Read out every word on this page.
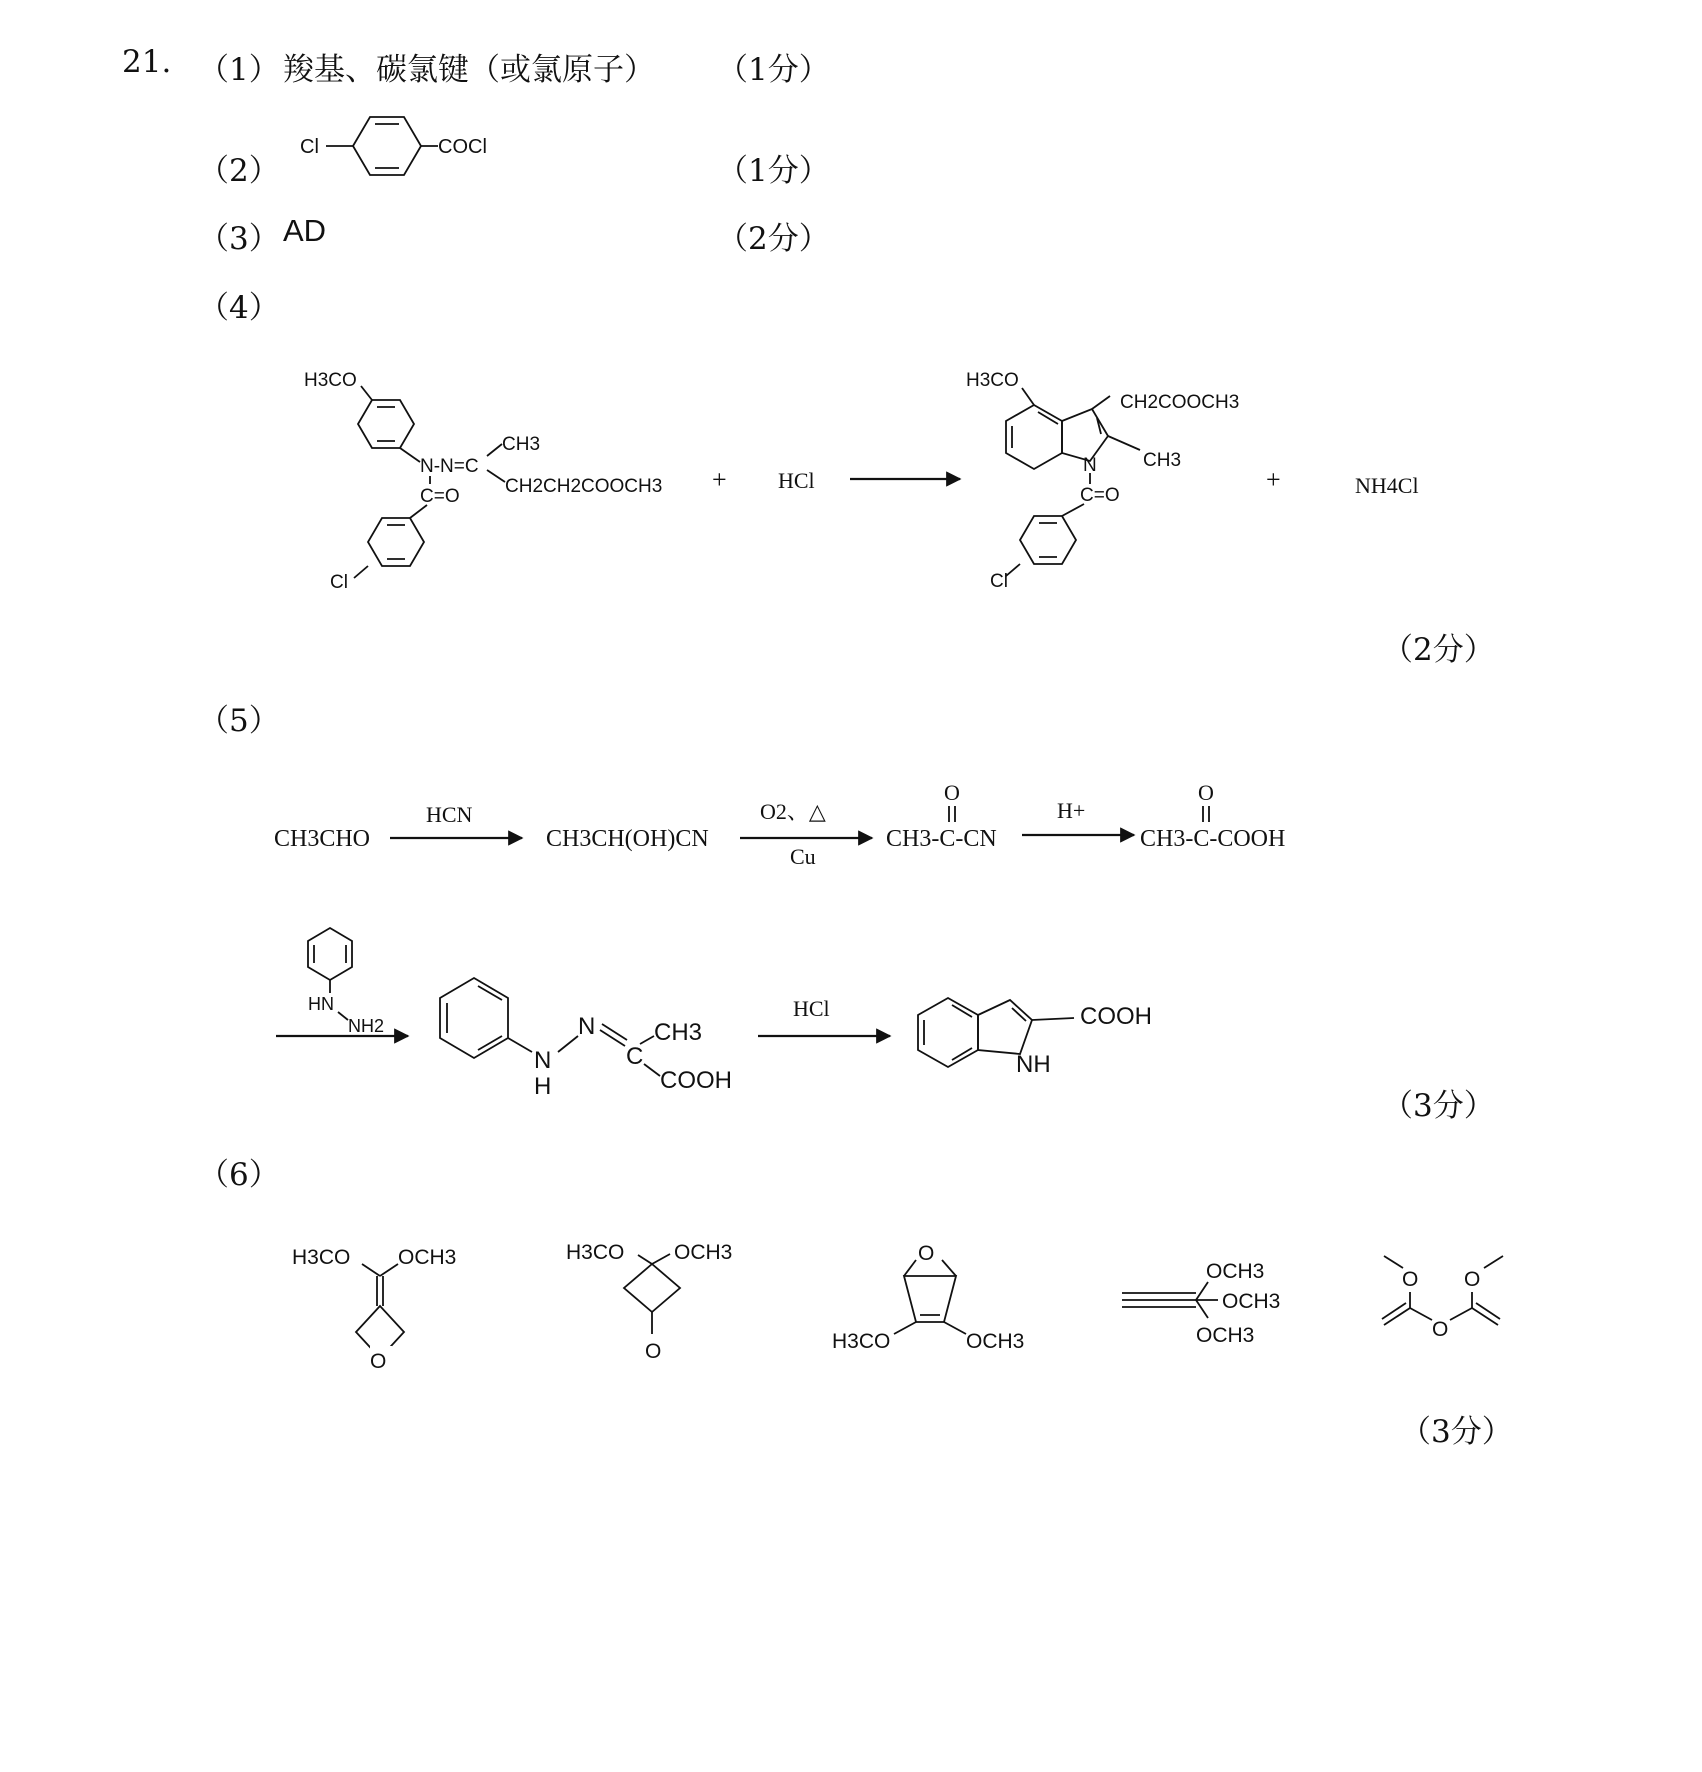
21. （1） 羧基、碳氯键（或氯原子） （1分）
（2）	（1分）
（3） AD	（2分）
（4）
（2分）
（5）
（3分）
（6）
（3分）
Cl	COCl
H3CO
N-N=C
CH3
CH2CH2COOCH3
C=O
Cl
+ HCl
H3CO
CH2COOCH3
CH3
N
C=O
Cl
+	NH4Cl
CH3CHO
HCN
CH3CH(OH)CN
O2、△
Cu
O
CH3-C-CN
H+
O
CH3-C-COOH
HN
NH2
N
H
N
C
CH3
COOH
HCl	COOH
NH
H3CO OCH3
O
H3CO OCH3
O
O
H3CO	OCH3
OCH3
OCH3
OCH3
O
O
O
